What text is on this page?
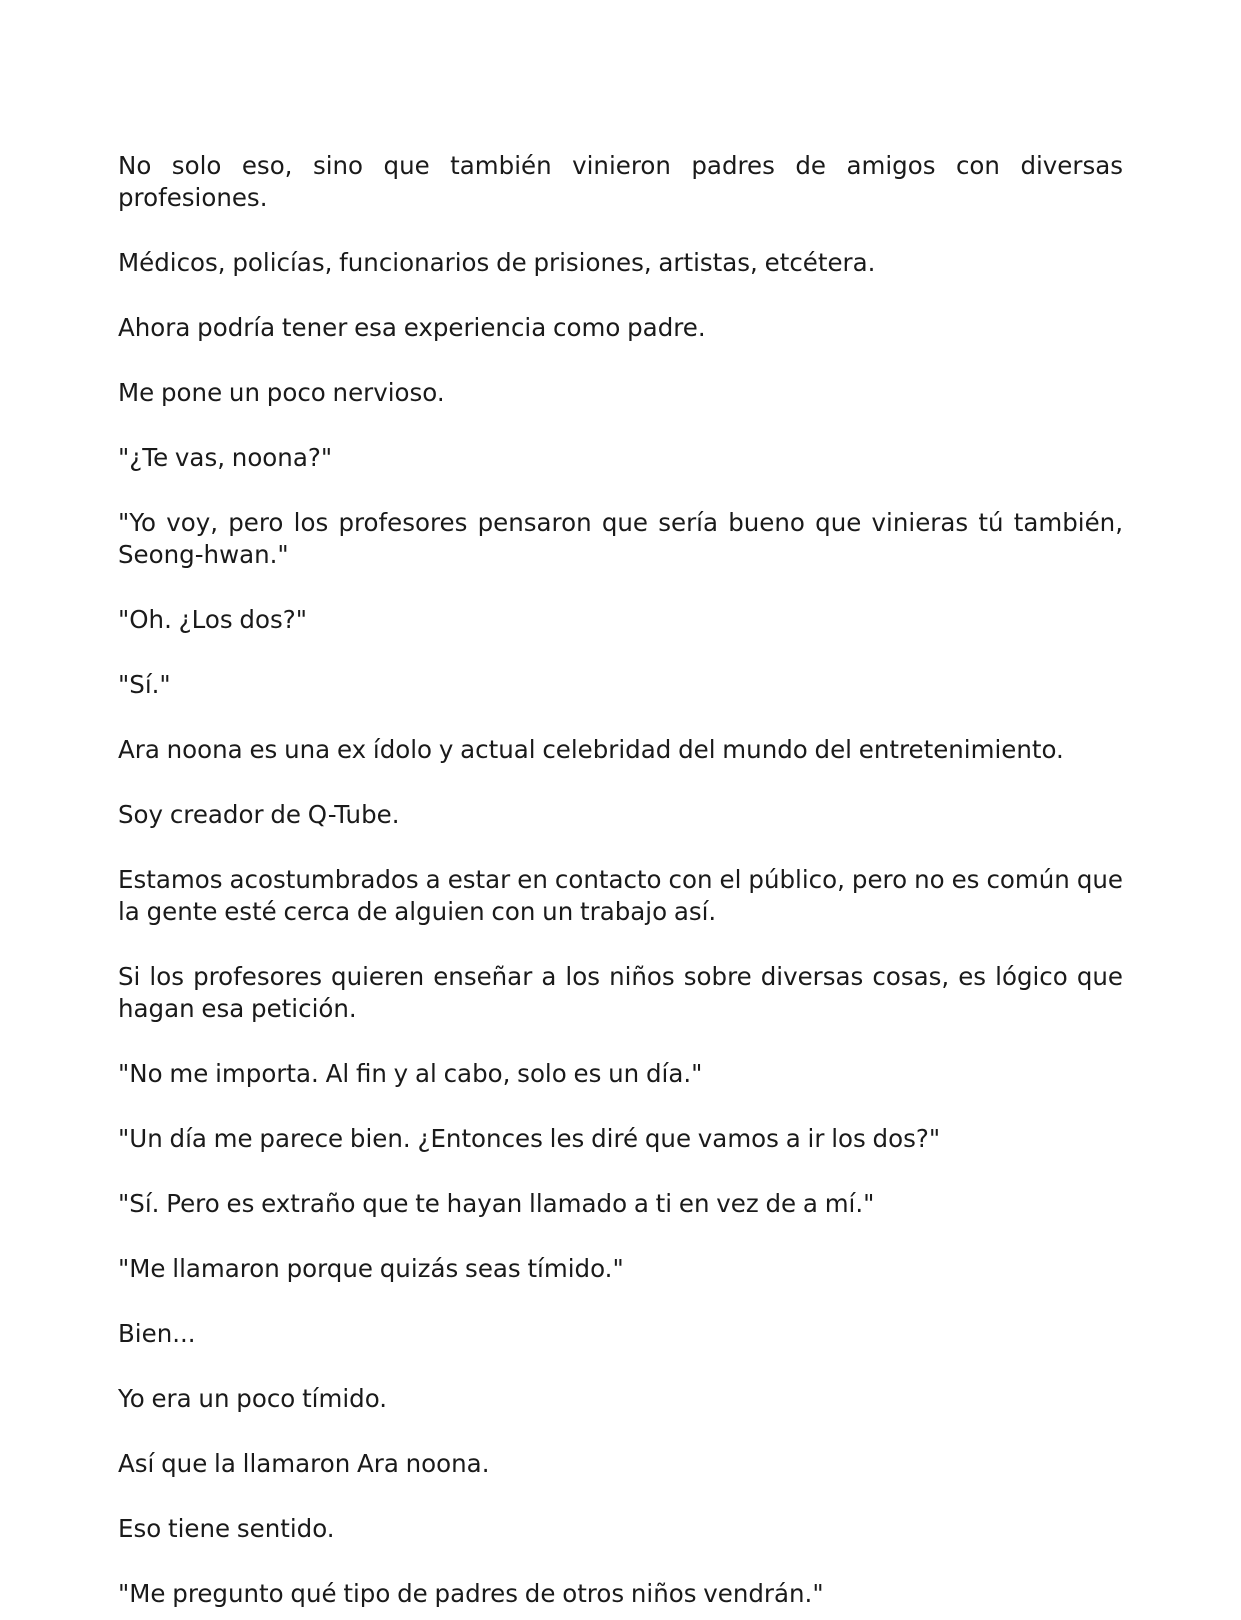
No solo eso, sino que también vinieron padres de amigos con diversas profesiones.

Médicos, policías, funcionarios de prisiones, artistas, etcétera.

Ahora podría tener esa experiencia como padre.

Me pone un poco nervioso.

"¿Te vas, noona?"

"Yo voy, pero los profesores pensaron que sería bueno que vinieras tú también, Seong-hwan."

"Oh. ¿Los dos?"

"Sí."

Ara noona es una ex ídolo y actual celebridad del mundo del entretenimiento.

Soy creador de Q-Tube.

Estamos acostumbrados a estar en contacto con el público, pero no es común que la gente esté cerca de alguien con un trabajo así.

Si los profesores quieren enseñar a los niños sobre diversas cosas, es lógico que hagan esa petición.

"No me importa. Al fin y al cabo, solo es un día."

"Un día me parece bien. ¿Entonces les diré que vamos a ir los dos?"

"Sí. Pero es extraño que te hayan llamado a ti en vez de a mí."

"Me llamaron porque quizás seas tímido."

Bien...

Yo era un poco tímido.

Así que la llamaron Ara noona.

Eso tiene sentido.

"Me pregunto qué tipo de padres de otros niños vendrán."
